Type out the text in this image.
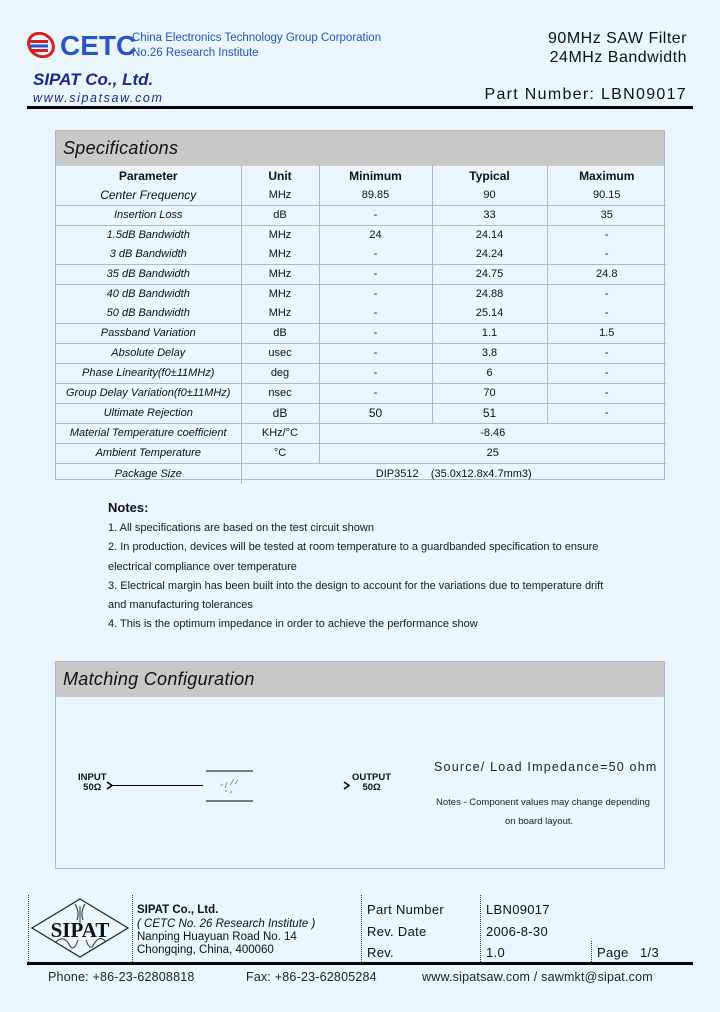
CETC
China Electronics Technology Group Corporation
No.26 Research Institute
SIPAT Co., Ltd.
www.sipatsaw.com
90MHz SAW Filter
24MHz Bandwidth
Part Number: LBN09017
Specifications
Parameter	Unit	Minimum	Typical	Maximum
Center Frequency	MHz	89.85	90	90.15
Insertion Loss	dB	-	33	35
1.5dB Bandwidth	MHz	24	24.14	-
3 dB Bandwidth	MHz	-	24.24	-
35 dB Bandwidth	MHz	-	24.75	24.8
40 dB Bandwidth	MHz	-	24.88	-
50 dB Bandwidth	MHz	-	25.14	-
Passband Variation	dB	-	1.1	1.5
Absolute Delay	usec	-	3.8	-
Phase Linearity(f0±11MHz)	deg	-	6	-
Group Delay Variation(f0±11MHz)	nsec	-	70	-
Ultimate Rejection	dB	50	51	-
Material Temperature coefficient	KHz/°C	-8.46		
Ambient Temperature	°C	25		
Package Size	DIP3512    (35.0x12.8x4.7mm3)			
Notes:
1. All specifications are based on the test circuit shown
2. In production, devices will be tested at room temperature to a guardbanded specification to ensure
electrical compliance over temperature
3. Electrical margin has been built into the design to account for the variations due to temperature drift
and manufacturing tolerances
4. This is the optimum impedance in order to achieve the performance show
Matching Configuration
INPUT
50Ω
OUTPUT
50Ω
Source/ Load Impedance=50 ohm
Notes - Component values may change depending
on board layout.
SIPAT
SIPAT Co., Ltd.
( CETC No. 26 Research Institute )
Nanping Huayuan Road No. 14
Chongqing, China, 400060
Part Number	LBN09017
Rev. Date	2006-8-30
Rev.	1.0	Page 1/3
Phone: +86-23-62808818	Fax: +86-23-62805284	www.sipatsaw.com / sawmkt@sipat.com
